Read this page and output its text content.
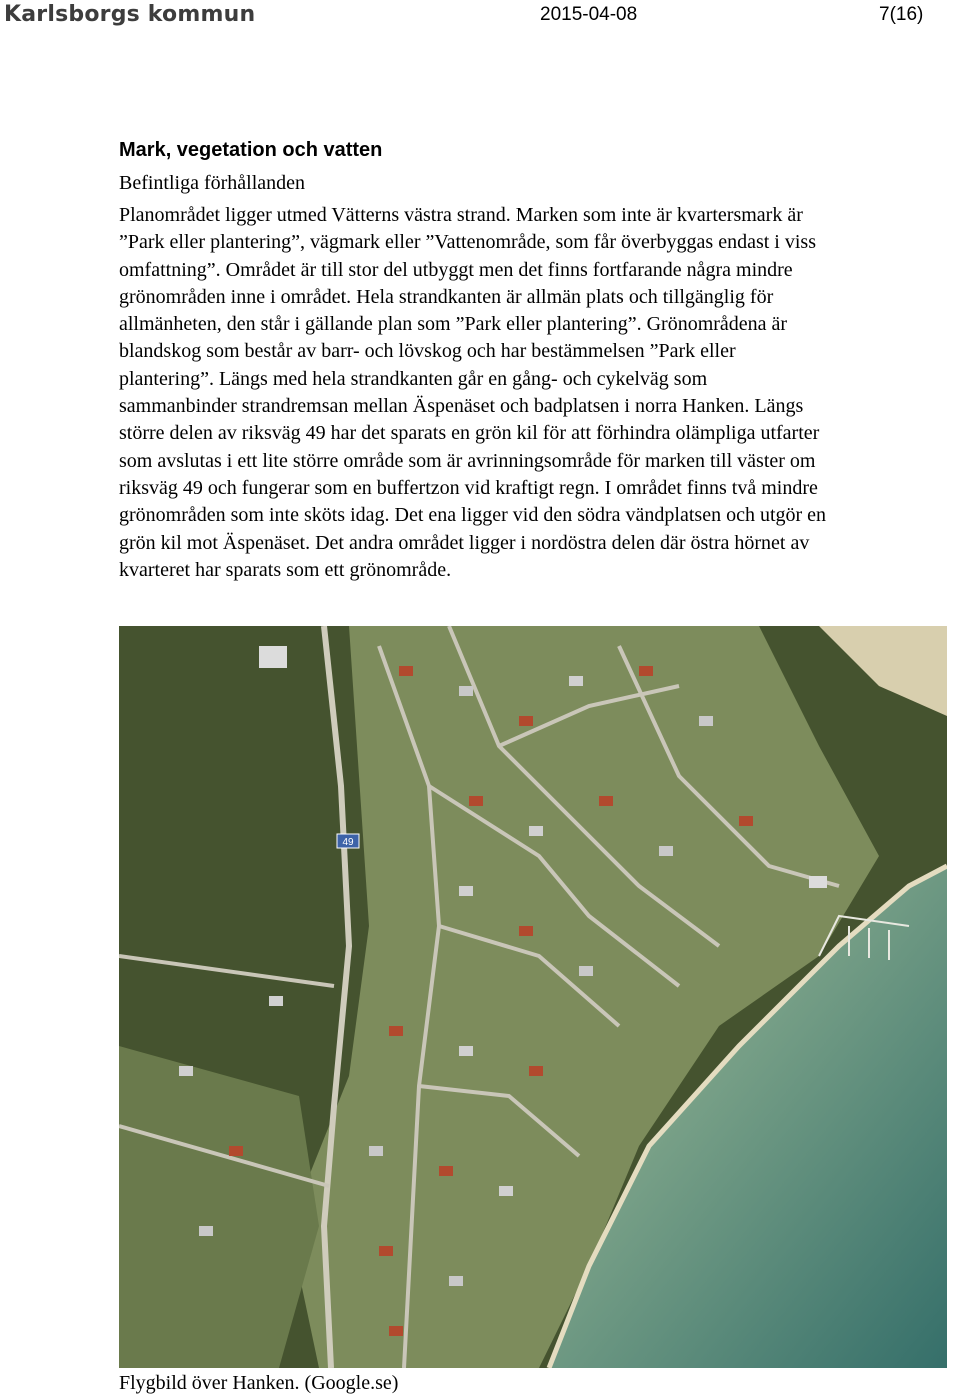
Karlsborgs kommun	2015-04-08	7(16)
Mark, vegetation och vatten
Befintliga förhållanden

Planområdet ligger utmed Vätterns västra strand. Marken som inte är kvartersmark är
”Park eller plantering”, vägmark eller ”Vattenområde, som får överbyggas endast i viss
omfattning”. Området är till stor del utbyggt men det finns fortfarande några mindre
grönområden inne i området. Hela strandkanten är allmän plats och tillgänglig för
allmänheten, den står i gällande plan som ”Park eller plantering”. Grönområdena är
blandskog som består av barr- och lövskog och har bestämmelsen ”Park eller
plantering”. Längs med hela strandkanten går en gång- och cykelväg som
sammanbinder strandremsan mellan Äspenäset och badplatsen i norra Hanken. Längs
större delen av riksväg 49 har det sparats en grön kil för att förhindra olämpliga utfarter
som avslutas i ett lite större område som är avrinningsområde för marken till väster om
riksväg 49 och fungerar som en buffertzon vid kraftigt regn. I området finns två mindre
grönområden som inte sköts idag. Det ena ligger vid den södra vändplatsen och utgör en
grön kil mot Äspenäset. Det andra området ligger i nordöstra delen där östra hörnet av
kvarteret har sparats som ett grönområde.

49
Flygbild över Hanken. (Google.se)
